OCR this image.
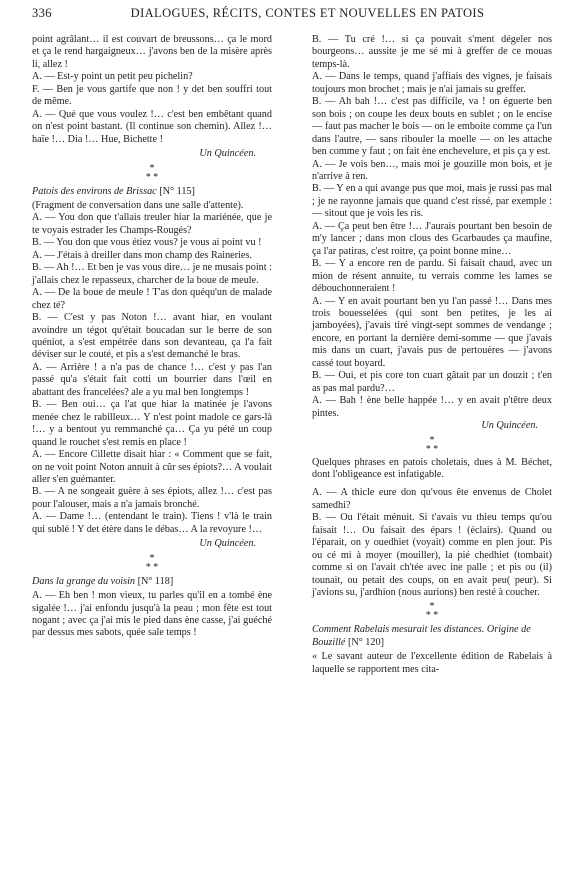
336	DIALOGUES, RÉCITS, CONTES ET NOUVELLES EN PATOIS

point agrâlant… il est couvart de breussons… ça le mord et ça le rend hargaigneux… j'avons ben de la misère après li, allez !

A. — Est-y point un petit peu pichelin?

F. — Ben je vous gartife que non ! y det ben souffri tout de même.

A. — Qué que vous voulez !… c'est ben embêtant quand on n'est point bastant. (Il continue son chemin). Allez !… haïe !… Dia !… Hue, Bichette !

Un Quincéen.
*
* *
Patois des environs de Brissac [N° 115]

(Fragment de conversation dans une salle d'attente).

A. — You don que t'allais treuler hiar la mariénée, que je te voyais estrader les Champs-Rougés?

B. — You don que vous étiez vous? je vous ai point vu !

A. — J'étais à dreiller dans mon champ des Raineries.

B. — Ah !… Et ben je vas vous dire… je ne musais point : j'allais chez le repasseux, charcher de la boue de meule.

A. — De la boue de meule ! T'as don quéqu'un de malade chez té?

B. — C'est y pas Noton !… avant hiar, en voulant avoindre un tégot qu'était boucadan sur le berre de son quéniot, a s'est empétrée dans son devanteau, ça l'a fait déviser sur le couté, et pis a s'est demanché le bras.

A. — Arrière ! a n'a pas de chance !… c'est y pas l'an passé qu'a s'était fait cotti un bourrier dans l'œil en abattant des francelées? ale a yu mal ben longtemps !

B. — Ben oui… ça l'at que hiar la matinée je l'avons menée chez le rabilleux… Y n'est point madole ce gars-là !… y a bentout yu remmanché ça… Ça yu pété un coup quand le rouchet s'est remis en place !

A. — Encore Cillette disait hiar : « Comment que se fait, on ne voit point Noton annuit à cûr ses épiots?… A voulait aller s'en guémanter.

B. — A ne songeait guère à ses épiots, allez !… c'est pas pour l'alouser, mais a n'a jamais bronché.

A. — Dame !… (entendant le train). Tiens ! v'là le train qui sublé ! Y det étère dans le débas… A la revoyure !…

Un Quincéen.
*
* *
Dans la grange du voisin [N° 118]

A. — Eh ben ! mon vieux, tu parles qu'il en a tombé ène sigalée !… j'ai enfondu jusqu'à la peau ; mon fête est tout nogant ; avec ça j'ai mis le pied dans ène casse, j'ai guéché par dessus mes sabots, quée sale temps !

B. — Tu cré !… si ça pouvait s'ment dégeler nos bourgeons… aussite je me sé mi à greffer de ce mouas temps-là.

A. — Dans le temps, quand j'affiais des vignes, je faisais toujours mon brochet ; mais je n'ai jamais su greffer.

B. — Ah bah !… c'est pas difficile, va ! on éguerte ben son bois ; on coupe les deux bouts en sublet ; on le encise — faut pas macher le bois — on le emboite comme ça l'un dans l'autre, — sans ribouler la moelle — on les attache ben comme y faut ; on fait ène enchevelure, et pis ça y est.

A. — Je vois ben…, mais moi je gouzille mon bois, et je n'arrive à ren.

B. — Y en a qui avange pus que moi, mais je russi pas mal ; je ne rayonne jamais que quand c'est rissé, par exemple : — sitout que je vois les ris.

A. — Ça peut ben être !… J'aurais pourtant ben besoin de m'y lancer ; dans mon clous des Gcarbaudes ça maufine, ça l'ar patiras, c'est roitre, ça point bonne mine…

B. — Y a encore ren de pardu. Si faisait chaud, avec un mion de résent annuite, tu verrais comme les lames se débouchonneraient !

A. — Y en avait pourtant ben yu l'an passé !… Dans mes trois bouesselées (qui sont ben petites, je les ai jamboyées), j'avais tiré vingt-sept sommes de vendange ; encore, en portant la dernière demi-somme — que j'avais mis dans un cuart, j'avais pus de pertouères — j'avons cassé tout boyard.

B. — Oui, et pis core ton cuart gâtait par un douzit ; t'en as pas mal pardu?…

A. — Bah ! ène belle happée !… y en avait p'têtre deux pintes.

Un Quincéen.
*
* *

Quelques phrases en patois choletais, dues à M. Béchet, dont l'obligeance est infatigable.

A. — A thicle eure don qu'vous ête envenus de Cholet samedhi?

B. — Ou l'était ménuit. Si t'avais vu thieu temps qu'ou faisait !… Ou faisait des épars ! (éclairs). Quand ou l'éparait, on y ouedhiet (voyait) comme en plen jour. Pis ou cé mi à moyer (mouiller), la pié chedhiet (tombait) comme si on l'avait ch'tée avec ine palle ; et pis ou (il) tounait, ou petait des coups, on en avait peu( peur). Si j'avions su, j'ardhion (nous aurions) ben resté à coucher.

*
* *
Comment Rabelais mesurait les distances. Origine de Bouzillé [N° 120]

« Le savant auteur de l'excellente édition de Rabelais à laquelle se rapportent mes cita-
